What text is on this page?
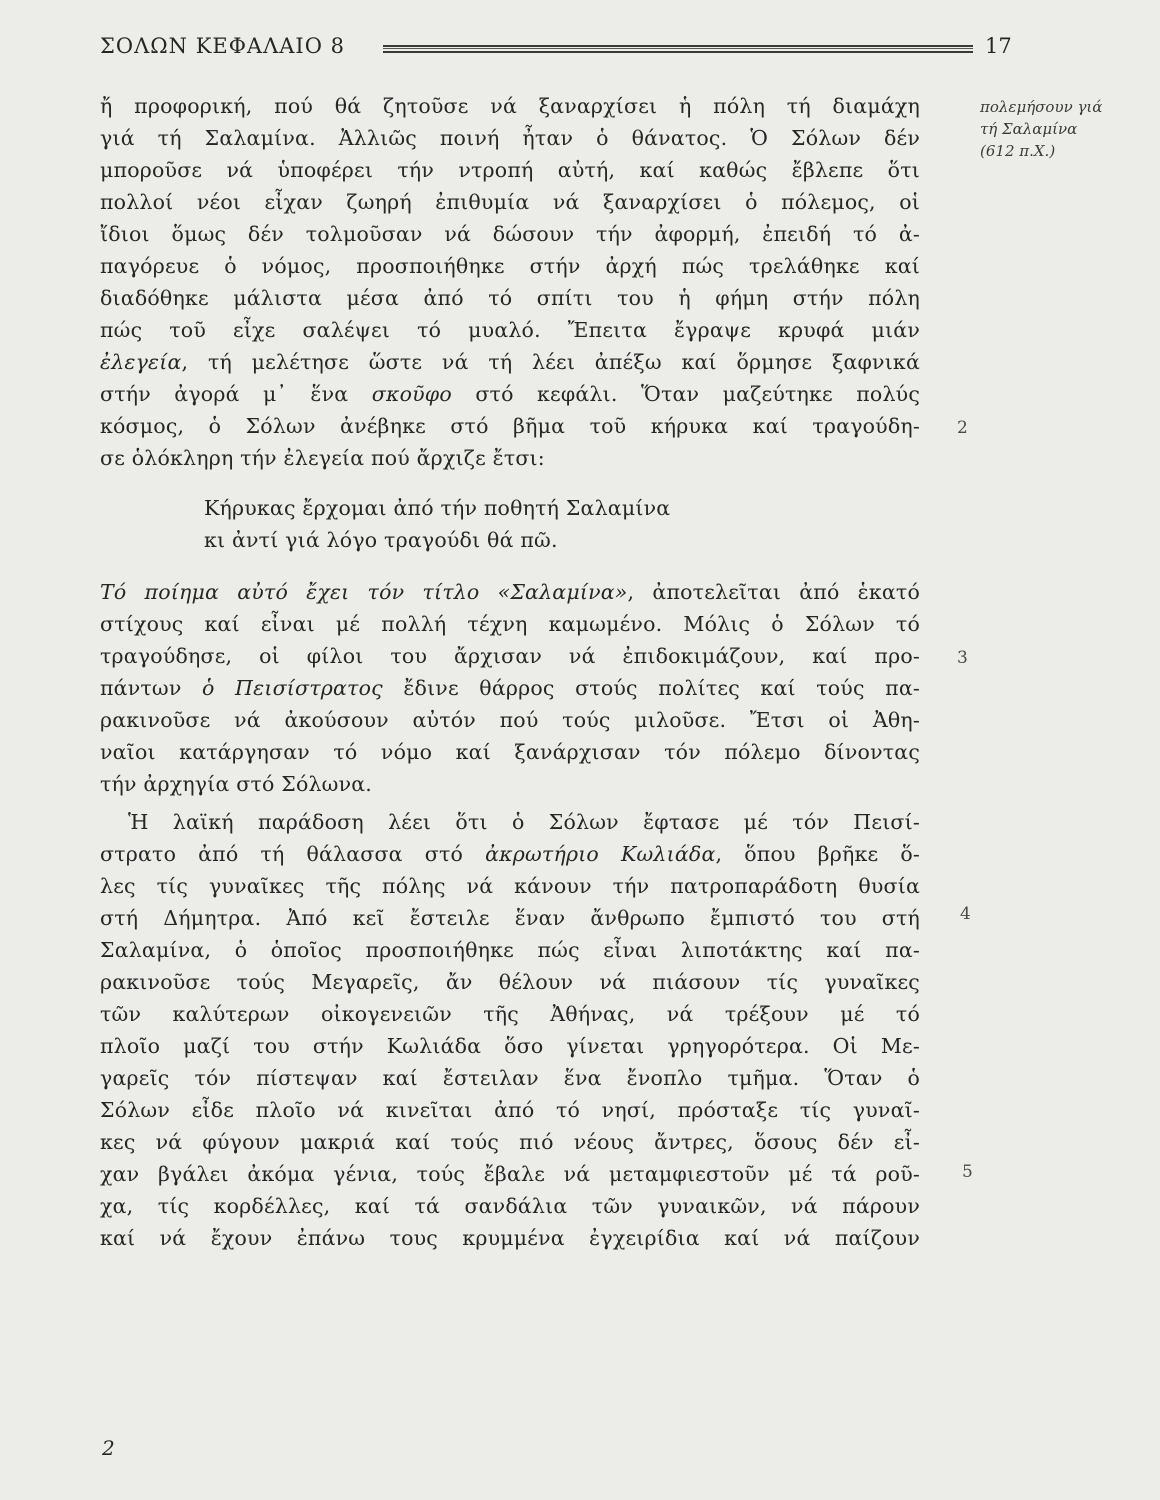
ΣΟΛΩΝ ΚΕΦΑΛΑΙΟ 8	17
πολεμήσουν γιά
τή Σαλαμίνα
(612 π.Χ.)
2
3
4
5
ἤ προφορική, πού θά ζητοῦσε νά ξαναρχίσει ἡ πόλη τή διαμάχη
γιά τή Σαλαμίνα. Ἀλλιῶς ποινή ἦταν ὁ θάνατος. Ὁ Σόλων δέν
μποροῦσε νά ὑποφέρει τήν ντροπή αὐτή, καί καθώς ἔβλεπε ὅτι
πολλοί νέοι εἶχαν ζωηρή ἐπιθυμία νά ξαναρχίσει ὁ πόλεμος, οἱ
ἴδιοι ὅμως δέν τολμοῦσαν νά δώσουν τήν ἀφορμή, ἐπειδή τό ἀ-
παγόρευε ὁ νόμος, προσποιήθηκε στήν ἀρχή πώς τρελάθηκε καί
διαδόθηκε μάλιστα μέσα ἀπό τό σπίτι του ἡ φήμη στήν πόλη
πώς τοῦ εἶχε σαλέψει τό μυαλό. Ἔπειτα ἔγραψε κρυφά μιάν
ἐλεγεία, τή μελέτησε ὥστε νά τή λέει ἀπέξω καί ὅρμησε ξαφνικά
στήν ἀγορά μ᾿ ἕνα σκοῦφο στό κεφάλι. Ὅταν μαζεύτηκε πολύς
κόσμος, ὁ Σόλων ἀνέβηκε στό βῆμα τοῦ κήρυκα καί τραγούδη-
σε ὁλόκληρη τήν ἐλεγεία πού ἄρχιζε ἔτσι:
Κήρυκας ἔρχομαι ἀπό τήν ποθητή Σαλαμίνα
κι ἀντί γιά λόγο τραγούδι θά πῶ.
Τό ποίημα αὐτό ἔχει τόν τίτλο «Σαλαμίνα», ἀποτελεῖται ἀπό ἑκατό
στίχους καί εἶναι μέ πολλή τέχνη καμωμένο. Μόλις ὁ Σόλων τό
τραγούδησε, οἱ φίλοι του ἄρχισαν νά ἐπιδοκιμάζουν, καί προ-
πάντων ὁ Πεισίστρατος ἔδινε θάρρος στούς πολίτες καί τούς πα-
ρακινοῦσε νά ἀκούσουν αὐτόν πού τούς μιλοῦσε. Ἔτσι οἱ Ἀθη-
ναῖοι κατάργησαν τό νόμο καί ξανάρχισαν τόν πόλεμο δίνοντας
τήν ἀρχηγία στό Σόλωνα.
Ἡ λαϊκή παράδοση λέει ὅτι ὁ Σόλων ἔφτασε μέ τόν Πεισί-
στρατο ἀπό τή θάλασσα στό ἀκρωτήριο Κωλιάδα, ὅπου βρῆκε ὅ-
λες τίς γυναῖκες τῆς πόλης νά κάνουν τήν πατροπαράδοτη θυσία
στή Δήμητρα. Ἀπό κεῖ ἔστειλε ἕναν ἄνθρωπο ἔμπιστό του στή
Σαλαμίνα, ὁ ὁποῖος προσποιήθηκε πώς εἶναι λιποτάκτης καί πα-
ρακινοῦσε τούς Μεγαρεῖς, ἄν θέλουν νά πιάσουν τίς γυναῖκες
τῶν καλύτερων οἰκογενειῶν τῆς Ἀθήνας, νά τρέξουν μέ τό
πλοῖο μαζί του στήν Κωλιάδα ὅσο γίνεται γρηγορότερα. Οἱ Με-
γαρεῖς τόν πίστεψαν καί ἔστειλαν ἕνα ἔνοπλο τμῆμα. Ὅταν ὁ
Σόλων εἶδε πλοῖο νά κινεῖται ἀπό τό νησί, πρόσταξε τίς γυναῖ-
κες νά φύγουν μακριά καί τούς πιό νέους ἄντρες, ὅσους δέν εἶ-
χαν βγάλει ἀκόμα γένια, τούς ἔβαλε νά μεταμφιεστοῦν μέ τά ροῦ-
χα, τίς κορδέλλες, καί τά σανδάλια τῶν γυναικῶν, νά πάρουν
καί νά ἔχουν ἐπάνω τους κρυμμένα ἐγχειρίδια καί νά παίζουν
2
